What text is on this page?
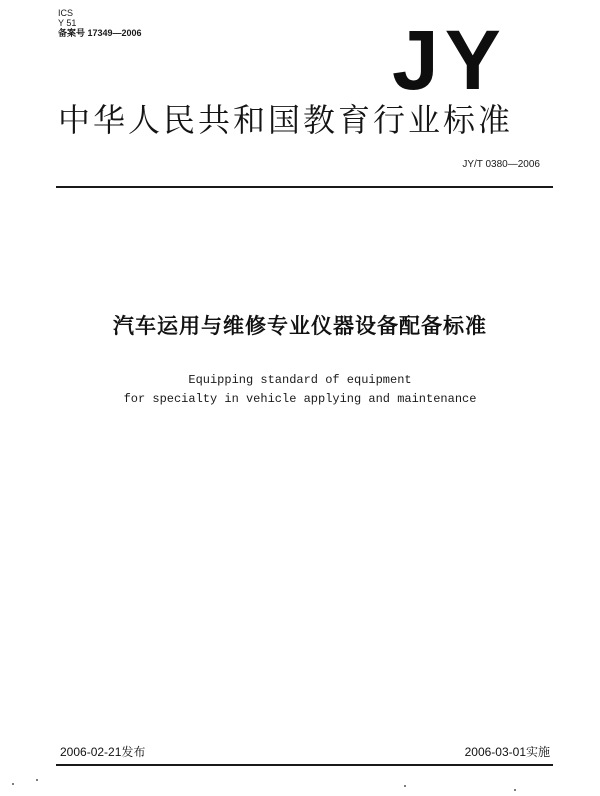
ICS
Y 51
备案号 17349—2006	JY
中华人民共和国教育行业标准
JY/T 0380—2006
汽车运用与维修专业仪器设备配备标准
Equipping standard of equipment
for specialty in vehicle applying and maintenance
2006-02-21发布	2006-03-01实施
